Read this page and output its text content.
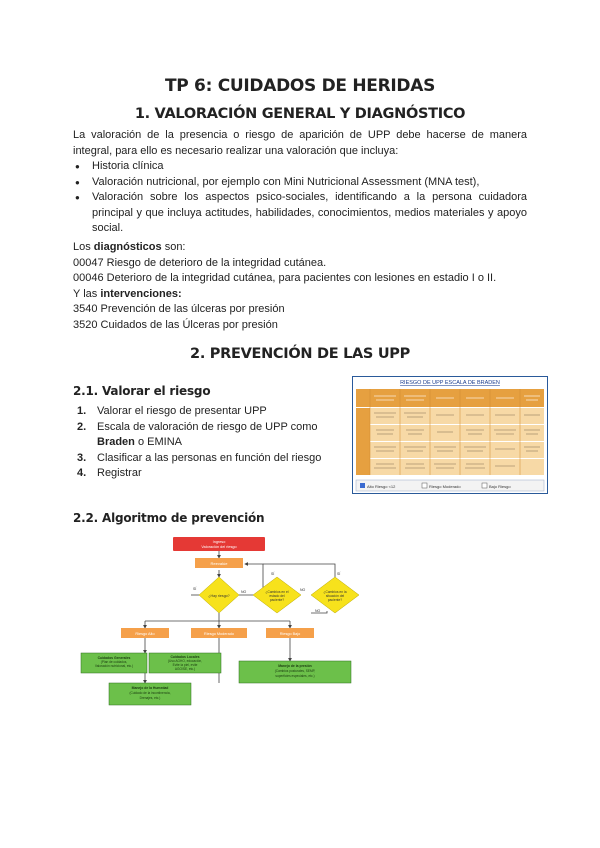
TP 6: CUIDADOS DE HERIDAS
1. VALORACIÓN GENERAL Y DIAGNÓSTICO
La valoración de la presencia o riesgo de aparición de UPP debe hacerse de manera integral, para ello es necesario realizar una valoración que incluya:
● Historia clínica
● Valoración nutricional, por ejemplo con Mini Nutricional Assessment (MNA test),
● Valoración sobre los aspectos psico-sociales, identificando a la persona cuidadora principal y que incluya actitudes, habilidades, conocimientos, medios materiales y apoyo social.
Los diagnósticos son:
00047 Riesgo de deterioro de la integridad cutánea.
00046 Deterioro de la integridad cutánea, para pacientes con lesiones en estadio I o II.
Y las intervenciones:
3540 Prevención de las úlceras por presión
3520 Cuidados de las Úlceras por presión
2. PREVENCIÓN DE LAS UPP
2.1. Valorar el riesgo
1. Valorar el riesgo de presentar UPP
2. Escala de valoración de riesgo de UPP como Braden o EMINA
3. Clasificar a las personas en función del riesgo
4. Registrar
RIESGO DE UPP ESCALA DE BRADEN
Alto Riesgo <12	Riesgo Moderado	Bajo Riesgo
2.2. Algoritmo de prevención
Ingreso
Valoración del riesgo
Reevalúe
¿Hay riesgo?
¿Cambios en el
estado del
paciente?
¿Cambios en la
situación del
paciente?
SÍ
NO
SÍ
NO
SÍ
NO
Riesgo Alto	Riesgo Moderado	Riesgo Bajo
Cuidados Generales
(Plan de cuidados,
Valoración nutricional, etc.)
Cuidados Locales
(Uso AGHO, educación,
Evite la piel, evite
AGO/SE, etc.)
Manejo de la presión
(Cambios posturales, SEMP,
superficies especiales, etc.)
Manejo de la Humedad
(Cuidado de la incontinencia,
Drenajes, etc.)
